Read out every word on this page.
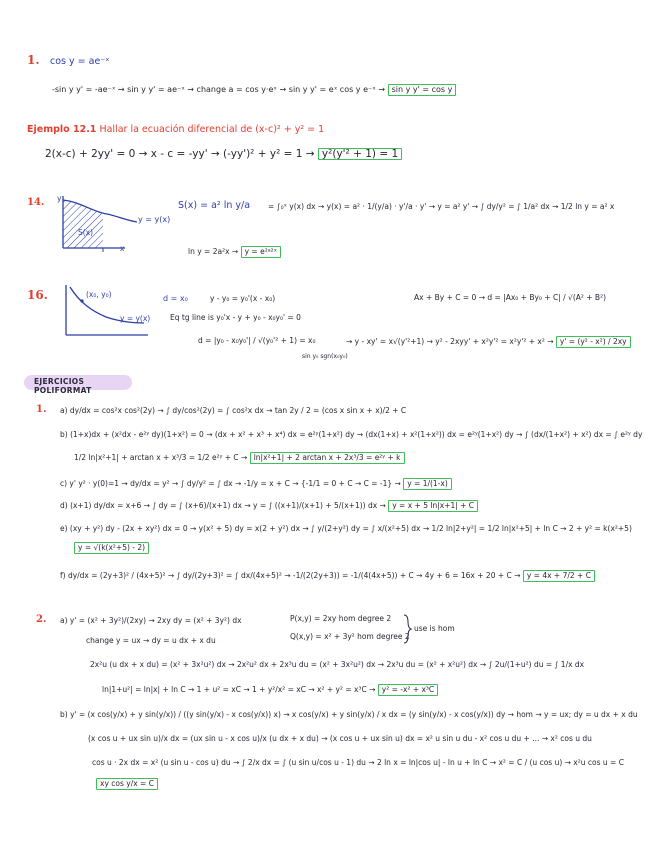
1. cos y = ae⁻ˣ
-sin y y' = -ae⁻ˣ → sin y y' = ae⁻ˣ → change a = cos y·eˣ → sin y y' = eˣ cos y e⁻ˣ → sin y y' = cos y
Ejemplo 12.1 Hallar la ecuación diferencial de (x-c)² + y² = 1
2(x-c) + 2yy' = 0 → x - c = -yy' → (-yy')² + y² = 1 → y²(y'² + 1) = 1
14. y
x
y = y(x)
S(x)
S(x) = a² ln y/a = ∫₀ˣ y(x) dx → y(x) = a² · 1/(y/a) · y'/a · y' → y = a² y' → ∫ dy/y² = ∫ 1/a² dx → 1/2 ln y = a² x
ln y = 2a²x → y = e²ᵃ²ˣ
16.	(x₀, y₀)
y = y(x)
d = x₀	y - y₀ = y₀'(x - x₀)	Ax + By + C = 0 → d = |Ax₀ + By₀ + C| / √(A² + B²)
Eq tg line is y₀'x - y + y₀ - x₀y₀' = 0
d = |y₀ - x₀y₀'| / √(y₀'² + 1) = x₀
sin y₀ sgn(x₀y₀)
→ y - xy' = x√(y'²+1) → y² - 2xyy' + x²y'² = x²y'² + x² → y' = (y² - x²) / 2xy
EJERCICIOS POLIFORMAT
1. a) dy/dx = cos²x cos²(2y) → ∫ dy/cos²(2y) = ∫ cos²x dx → tan 2y / 2 = (cos x sin x + x)/2 + C
b) (1+x)dx + (x²dx - e²ʸ dy)(1+x²) = 0 → (dx + x² + x³ + x⁴) dx = e²ʸ(1+x²) dy → (dx(1+x) + x²(1+x²)) dx = e²ʸ(1+x²) dy → ∫ (dx/(1+x²) + x²) dx = ∫ e²ʸ dy
1/2 ln|x²+1| + arctan x + x³/3 = 1/2 e²ʸ + C → ln|x²+1| + 2 arctan x + 2x³/3 = e²ʸ + k
c) y' y² · y(0)=1 → dy/dx = y² → ∫ dy/y² = ∫ dx → -1/y = x + C → {-1/1 = 0 + C → C = -1} → y = 1/(1-x)
d) (x+1) dy/dx = x+6 → ∫ dy = ∫ (x+6)/(x+1) dx → y = ∫ ((x+1)/(x+1) + 5/(x+1)) dx → y = x + 5 ln|x+1| + C
e) (xy + y²) dy - (2x + xy²) dx = 0 → y(x² + 5) dy = x(2 + y²) dx → ∫ y/(2+y²) dy = ∫ x/(x²+5) dx → 1/2 ln|2+y²| = 1/2 ln|x²+5| + ln C → 2 + y² = k(x²+5)
y = √(k(x²+5) - 2)
f) dy/dx = (2y+3)² / (4x+5)² → ∫ dy/(2y+3)² = ∫ dx/(4x+5)² → -1/(2(2y+3)) = -1/(4(4x+5)) + C → 4y + 6 = 16x + 20 + C → y = 4x + 7/2 + C
2. a) y' = (x² + 3y²)/(2xy) → 2xy dy = (x² + 3y²) dx	P(x,y) = 2xy hom degree 2
Q(x,y) = x² + 3y² hom degree 2
use is hom
change y = ux → dy = u dx + x du
2x²u (u dx + x du) = (x² + 3x²u²) dx → 2x²u² dx + 2x³u du = (x² + 3x²u²) dx → 2x³u du = (x² + x²u²) dx → ∫ 2u/(1+u²) du = ∫ 1/x dx
ln|1+u²| = ln|x| + ln C → 1 + u² = xC → 1 + y²/x² = xC → x² + y² = x³C → y² = -x² + x³C
b) y' = (x cos(y/x) + y sin(y/x)) / ((y sin(y/x) - x cos(y/x)) x) → x cos(y/x) + y sin(y/x) / x dx = (y sin(y/x) - x cos(y/x)) dy → hom → y = ux; dy = u dx + x du
(x cos u + ux sin u)/x dx = (ux sin u - x cos u)/x (u dx + x du) → (x cos u + ux sin u) dx = x² u sin u du - x² cos u du + ... → x² cos u du
cos u · 2x dx = x² (u sin u - cos u) du → ∫ 2/x dx = ∫ (u sin u/cos u - 1) du → 2 ln x = ln|cos u| - ln u + ln C → x² = C / (u cos u) → x²u cos u = C
xy cos y/x = C
